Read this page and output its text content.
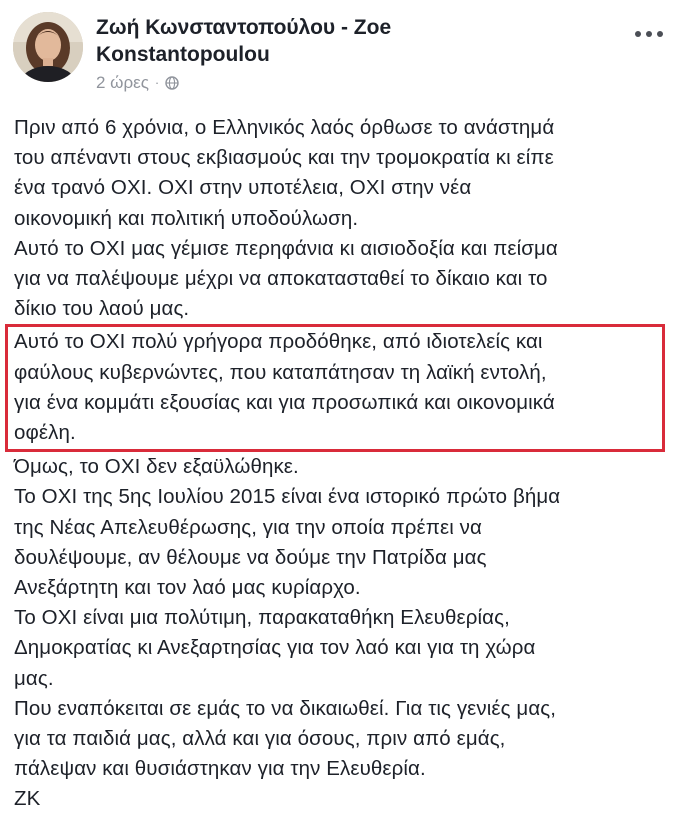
Ζωή Κωνσταντοπούλου - Zoe Konstantopoulou
2 ώρες ·

Πριν από 6 χρόνια, ο Ελληνικός λαός όρθωσε το ανάστημά
του απέναντι στους εκβιασμούς και την τρομοκρατία κι είπε
ένα τρανό ΟΧΙ. ΟΧΙ στην υποτέλεια, ΟΧΙ στην νέα
οικονομική και πολιτική υποδούλωση.

Αυτό το ΟΧΙ μας γέμισε περηφάνια κι αισιοδοξία και πείσμα
για να παλέψουμε μέχρι να αποκατασταθεί το δίκαιο και το
δίκιο του λαού μας.

Αυτό το ΟΧΙ πολύ γρήγορα προδόθηκε, από ιδιοτελείς και
φαύλους κυβερνώντες, που καταπάτησαν τη λαϊκή εντολή,
για ένα κομμάτι εξουσίας και για προσωπικά και οικονομικά
οφέλη.

Όμως, το ΟΧΙ δεν εξαϋλώθηκε.

Το ΟΧΙ της 5ης Ιουλίου 2015 είναι ένα ιστορικό πρώτο βήμα
της Νέας Απελευθέρωσης, για την οποία πρέπει να
δουλέψουμε, αν θέλουμε να δούμε την Πατρίδα μας
Ανεξάρτητη και τον λαό μας κυρίαρχο.

Το ΟΧΙ είναι μια πολύτιμη, παρακαταθήκη Ελευθερίας,
Δημοκρατίας κι Ανεξαρτησίας για τον λαό και για τη χώρα
μας.

Που εναπόκειται σε εμάς το να δικαιωθεί. Για τις γενιές μας,
για τα παιδιά μας, αλλά και για όσους, πριν από εμάς,
πάλεψαν και θυσιάστηκαν για την Ελευθερία.

ΖΚ
